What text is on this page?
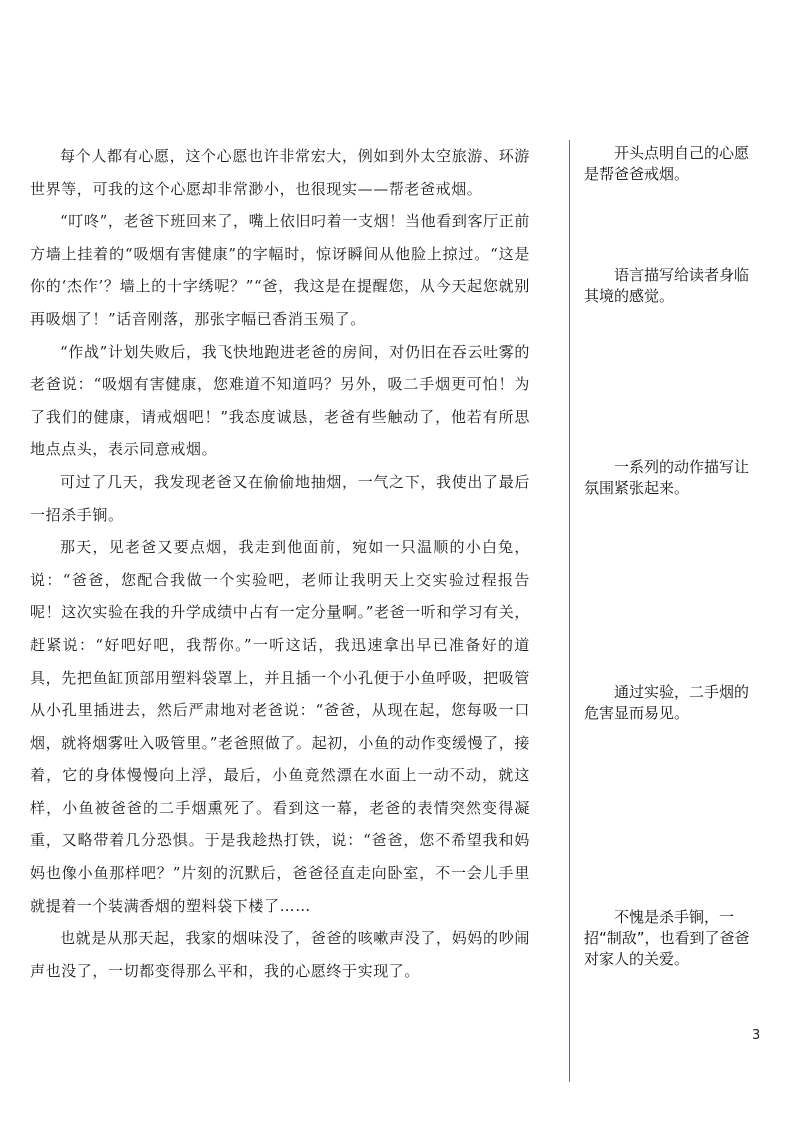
每个人都有心愿，这个心愿也许非常宏大，例如到外太空旅游、环游世界等，可我的这个心愿却非常渺小，也很现实——帮老爸戒烟。

“叮咚”，老爸下班回来了，嘴上依旧叼着一支烟！当他看到客厅正前方墙上挂着的“吸烟有害健康”的字幅时，惊讶瞬间从他脸上掠过。“这是你的‘杰作’？墙上的十字绣呢？”“爸，我这是在提醒您，从今天起您就别再吸烟了！”话音刚落，那张字幅已香消玉殒了。

“作战”计划失败后，我飞快地跑进老爸的房间，对仍旧在吞云吐雾的老爸说：“吸烟有害健康，您难道不知道吗？另外，吸二手烟更可怕！为了我们的健康，请戒烟吧！”我态度诚恳，老爸有些触动了，他若有所思地点点头，表示同意戒烟。

可过了几天，我发现老爸又在偷偷地抽烟，一气之下，我使出了最后一招杀手锏。

那天，见老爸又要点烟，我走到他面前，宛如一只温顺的小白兔，说：“爸爸，您配合我做一个实验吧，老师让我明天上交实验过程报告呢！这次实验在我的升学成绩中占有一定分量啊。”老爸一听和学习有关，赶紧说：“好吧好吧，我帮你。”一听这话，我迅速拿出早已准备好的道具，先把鱼缸顶部用塑料袋罩上，并且插一个小孔便于小鱼呼吸，把吸管从小孔里插进去，然后严肃地对老爸说：“爸爸，从现在起，您每吸一口烟，就将烟雾吐入吸管里。”老爸照做了。起初，小鱼的动作变缓慢了，接着，它的身体慢慢向上浮，最后，小鱼竟然漂在水面上一动不动，就这样，小鱼被爸爸的二手烟熏死了。看到这一幕，老爸的表情突然变得凝重，又略带着几分恐惧。于是我趁热打铁，说：“爸爸，您不希望我和妈妈也像小鱼那样吧？”片刻的沉默后，爸爸径直走向卧室，不一会儿手里就提着一个装满香烟的塑料袋下楼了……

也就是从那天起，我家的烟味没了，爸爸的咳嗽声没了，妈妈的吵闹声也没了，一切都变得那么平和，我的心愿终于实现了。

开头点明自己的心愿是帮爸爸戒烟。

语言描写给读者身临其境的感觉。

一系列的动作描写让氛围紧张起来。

通过实验，二手烟的危害显而易见。

不愧是杀手锏，一招“制敌”，也看到了爸爸对家人的关爱。

3
